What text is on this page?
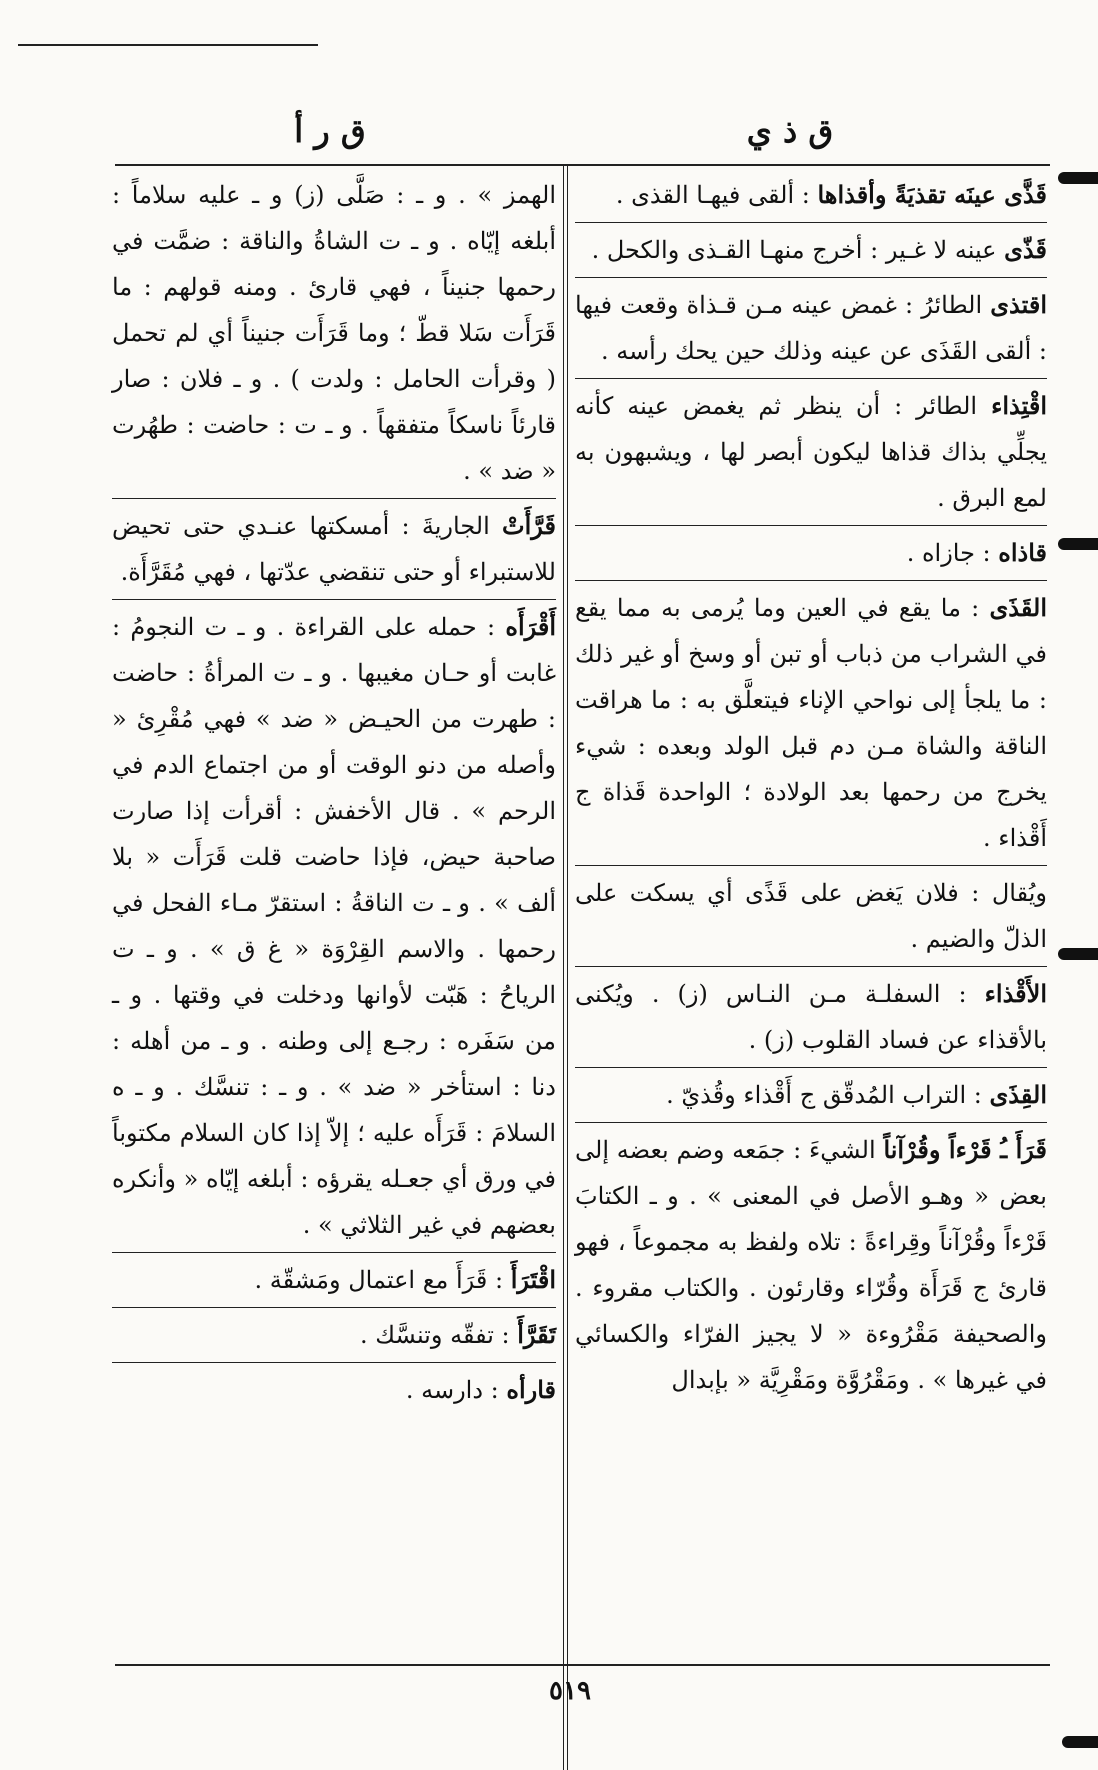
ق ذ ي
ق ر أ
قَذَّى عينَه تقذيَةً وأقذاها : ألقى فيهـا القذى .
قَذّى عينه لا غـير : أخرج منهـا القـذى والكحل .
اقتذى الطائرُ : غمض عينه مـن قـذاة وقعت فيها : ألقى القَذَى عن عينه وذلك حين يحك رأسه .
اقْتِذاء الطائر : أن ينظر ثم يغمض عينه كأنه يجلِّي بذاك قذاها ليكون أبصر لها ، ويشبهون به لمع البرق .
قاذاه : جازاه .
القَذَى : ما يقع في العين وما يُرمى به مما يقع في الشراب من ذباب أو تبن أو وسخ أو غير ذلك : ما يلجأ إلى نواحي الإناء فيتعلَّق به : ما هراقت الناقة والشاة مـن دم قبل الولد وبعده : شيء يخرج من رحمها بعد الولادة ؛ الواحدة قَذاة ج أَقْذاء .
ويُقال : فلان يَغض على قَذًى أي يسكت على الذلّ والضيم .
الأَقْذاء : السفلـة مـن النـاس (ز) . ويُكنى بالأقذاء عن فساد القلوب (ز) .
القِذَى : التراب المُدقّق ج أَقْذاء وقُذيّ .
قَرَأَ ـُ قَرْءاً وقُرْآناً الشيءَ : جمَعه وضم بعضه إلى بعض « وهـو الأصل في المعنى » . و ـ الكتابَ قَرْءاً وقُرْآناً وقِراءةً : تلاه ولفظ به مجموعاً ، فهو قارئ ج قَرَأَة وقُرّاء وقارئون . والكتاب مقروء . والصحيفة مَقْرُوءة « لا يجيز الفرّاء والكسائي في غيرها » . ومَقْرُوَّة ومَقْرِيَّة « بإبدال
الهمز » . و ـ : صَلَّى (ز) و ـ عليه سلاماً : أبلغه إيّاه . و ـ ت الشاةُ والناقة : ضمَّت في رحمها جنيناً ، فهي قارئ . ومنه قولهم : ما قَرَأَت سَلا قطّ ؛ وما قَرَأَت جنيناً أي لم تحمل ( وقرأت الحامل : ولدت ) . و ـ فلان : صار قارئاً ناسكاً متفقهاً . و ـ ت : حاضت : طهُرت « ضد » .
قَرَّأَتْ الجاريةَ : أمسكتها عنـدي حتى تحيض للاستبراء أو حتى تنقضي عدّتها ، فهي مُقَرَّأَة.
أَقْرَأَه : حمله على القراءة . و ـ ت النجومُ : غابت أو حـان مغيبها . و ـ ت المرأةُ : حاضت : طهرت من الحيـض « ضد » فهي مُقْرِئ « وأصله من دنو الوقت أو من اجتماع الدم في الرحم » . قال الأخفش : أقرأت إذا صارت صاحبة حيض، فإذا حاضت قلت قَرَأَت « بلا ألف » . و ـ ت الناقةُ : استقرّ مـاء الفحل في رحمها . والاسم القِرْوَة « غ ق » . و ـ ت الرياحُ : هَبّت لأوانها ودخلت في وقتها . و ـ من سَفَره : رجـع إلى وطنه . و ـ من أهله : دنا : استأخر « ضد » . و ـ : تنسَّك . و ـ ه السلامَ : قَرَأَه عليه ؛ إلاّ إذا كان السلام مكتوباً في ورق أي جعـله يقرؤه : أبلغه إيّاه « وأنكره بعضهم في غير الثلاثي » .
اقْتَرَأَ : قَرَأَ مع اعتمال ومَشقّة .
تَقَرَّأَ : تفقّه وتنسَّك .
قارأه : دارسه .
٥١٩
